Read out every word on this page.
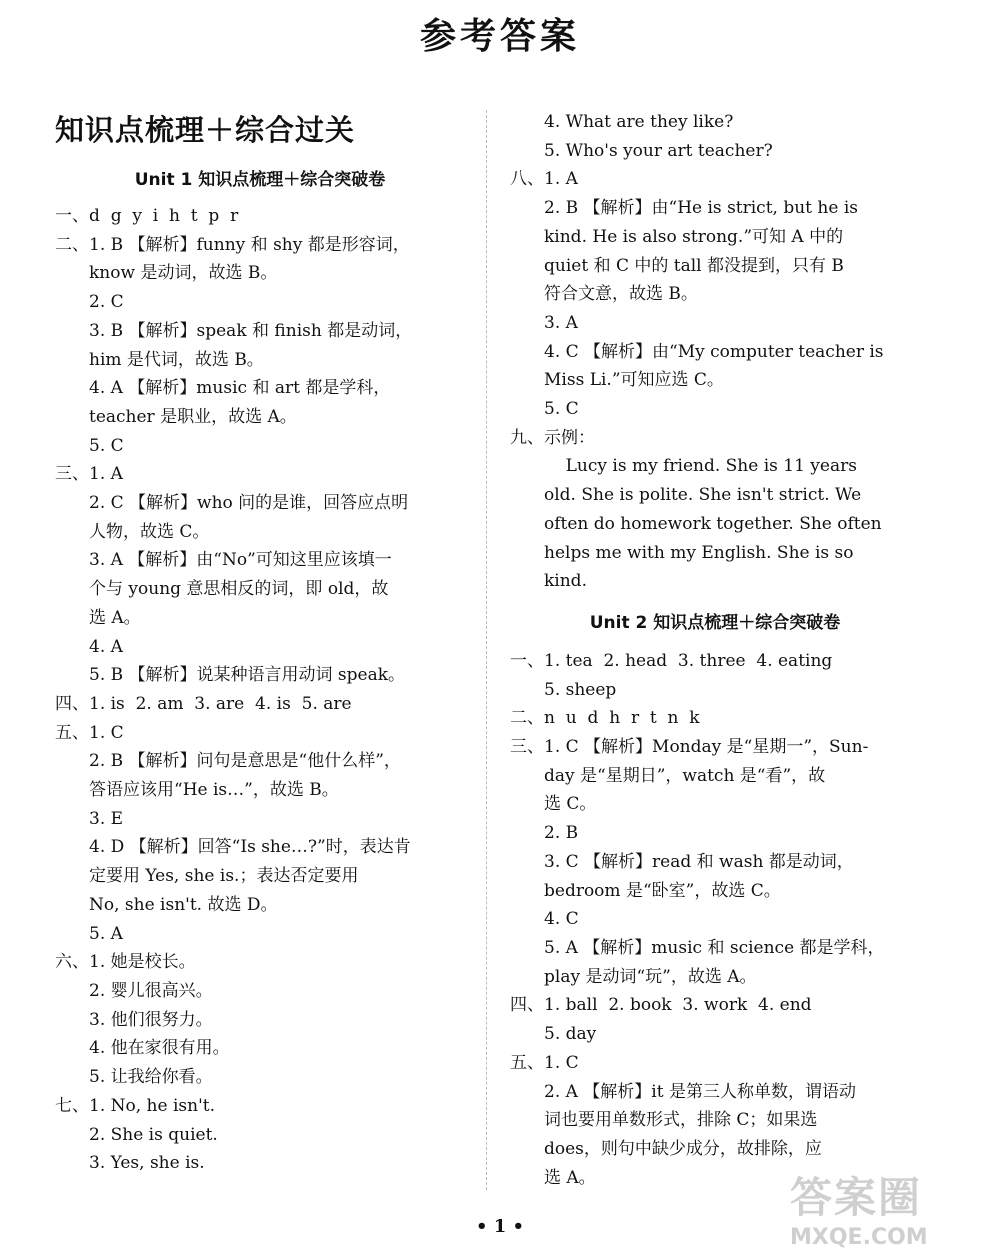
参考答案
知识点梳理＋综合过关
Unit 1 知识点梳理＋综合突破卷
一、d  g  y  i  h  t  p  r
二、1. B 【解析】funny 和 shy 都是形容词，
know 是动词，故选 B。
2. C
3. B 【解析】speak 和 finish 都是动词，
him 是代词，故选 B。
4. A 【解析】music 和 art 都是学科，
teacher 是职业，故选 A。
5. C
三、1. A
2. C 【解析】who 问的是谁，回答应点明
人物，故选 C。
3. A 【解析】由“No”可知这里应该填一
个与 young 意思相反的词，即 old，故
选 A。
4. A
5. B 【解析】说某种语言用动词 speak。
四、1. is  2. am  3. are  4. is  5. are
五、1. C
2. B 【解析】问句是意思是“他什么样”，
答语应该用“He is…”，故选 B。
3. E
4. D 【解析】回答“Is she…?”时，表达肯
定要用 Yes, she is.；表达否定要用
No, she isn't. 故选 D。
5. A
六、1. 她是校长。
2. 婴儿很高兴。
3. 他们很努力。
4. 他在家很有用。
5. 让我给你看。
七、1. No, he isn't.
2. She is quiet.
3. Yes, she is.
4. What are they like?
5. Who's your art teacher?
八、1. A
2. B 【解析】由“He is strict, but he is
kind. He is also strong.”可知 A 中的
quiet 和 C 中的 tall 都没提到，只有 B
符合文意，故选 B。
3. A
4. C 【解析】由“My computer teacher is
Miss Li.”可知应选 C。
5. C
九、示例：
Lucy is my friend. She is 11 years
old. She is polite. She isn't strict. We
often do homework together. She often
helps me with my English. She is so
kind.
Unit 2 知识点梳理＋综合突破卷
一、1. tea  2. head  3. three  4. eating
5. sheep
二、n  u  d  h  r  t  n  k
三、1. C 【解析】Monday 是“星期一”，Sun-
day 是“星期日”，watch 是“看”，故
选 C。
2. B
3. C 【解析】read 和 wash 都是动词，
bedroom 是“卧室”，故选 C。
4. C
5. A 【解析】music 和 science 都是学科，
play 是动词“玩”，故选 A。
四、1. ball  2. book  3. work  4. end
5. day
五、1. C
2. A 【解析】it 是第三人称单数，谓语动
词也要用单数形式，排除 C；如果选
does，则句中缺少成分，故排除，应
选 A。
• 1 •
答案圈
MXQE.COM
